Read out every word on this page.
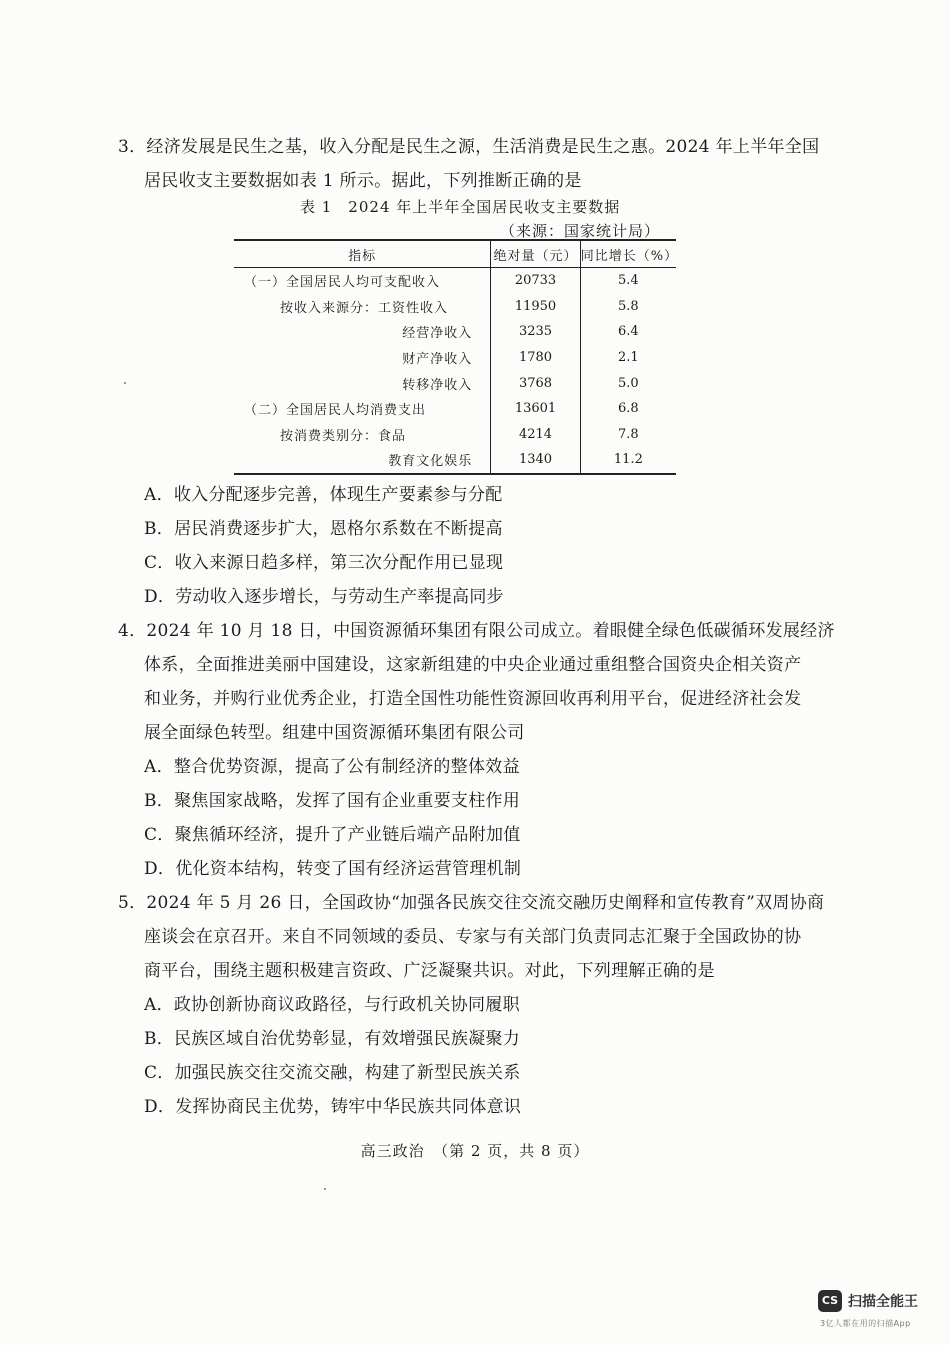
3．经济发展是民生之基，收入分配是民生之源，生活消费是民生之惠。2024 年上半年全国
居民收支主要数据如表 1 所示。据此，下列推断正确的是
表 1　2024 年上半年全国居民收支主要数据
（来源：国家统计局）
指标	绝对量（元）	同比增长（%）
（一）全国居民人均可支配收入	20733	5.4
按收入来源分：工资性收入	11950	5.8
经营净收入	3235	6.4
财产净收入	1780	2.1
转移净收入	3768	5.0
（二）全国居民人均消费支出	13601	6.8
按消费类别分：食品	4214	7.8
教育文化娱乐	1340	11.2
A．收入分配逐步完善，体现生产要素参与分配
B．居民消费逐步扩大，恩格尔系数在不断提高
C．收入来源日趋多样，第三次分配作用已显现
D．劳动收入逐步增长，与劳动生产率提高同步
4．2024 年 10 月 18 日，中国资源循环集团有限公司成立。着眼健全绿色低碳循环发展经济
体系，全面推进美丽中国建设，这家新组建的中央企业通过重组整合国资央企相关资产
和业务，并购行业优秀企业，打造全国性功能性资源回收再利用平台，促进经济社会发
展全面绿色转型。组建中国资源循环集团有限公司
A．整合优势资源，提高了公有制经济的整体效益
B．聚焦国家战略，发挥了国有企业重要支柱作用
C．聚焦循环经济，提升了产业链后端产品附加值
D．优化资本结构，转变了国有经济运营管理机制
5．2024 年 5 月 26 日，全国政协“加强各民族交往交流交融历史阐释和宣传教育”双周协商
座谈会在京召开。来自不同领域的委员、专家与有关部门负责同志汇聚于全国政协的协
商平台，围绕主题积极建言资政、广泛凝聚共识。对此，下列理解正确的是
A．政协创新协商议政路径，与行政机关协同履职
B．民族区域自治优势彰显，有效增强民族凝聚力
C．加强民族交往交流交融，构建了新型民族关系
D．发挥协商民主优势，铸牢中华民族共同体意识
高三政治　（第 2 页，共 8 页）
CS 扫描全能王
3亿人都在用的扫描App
